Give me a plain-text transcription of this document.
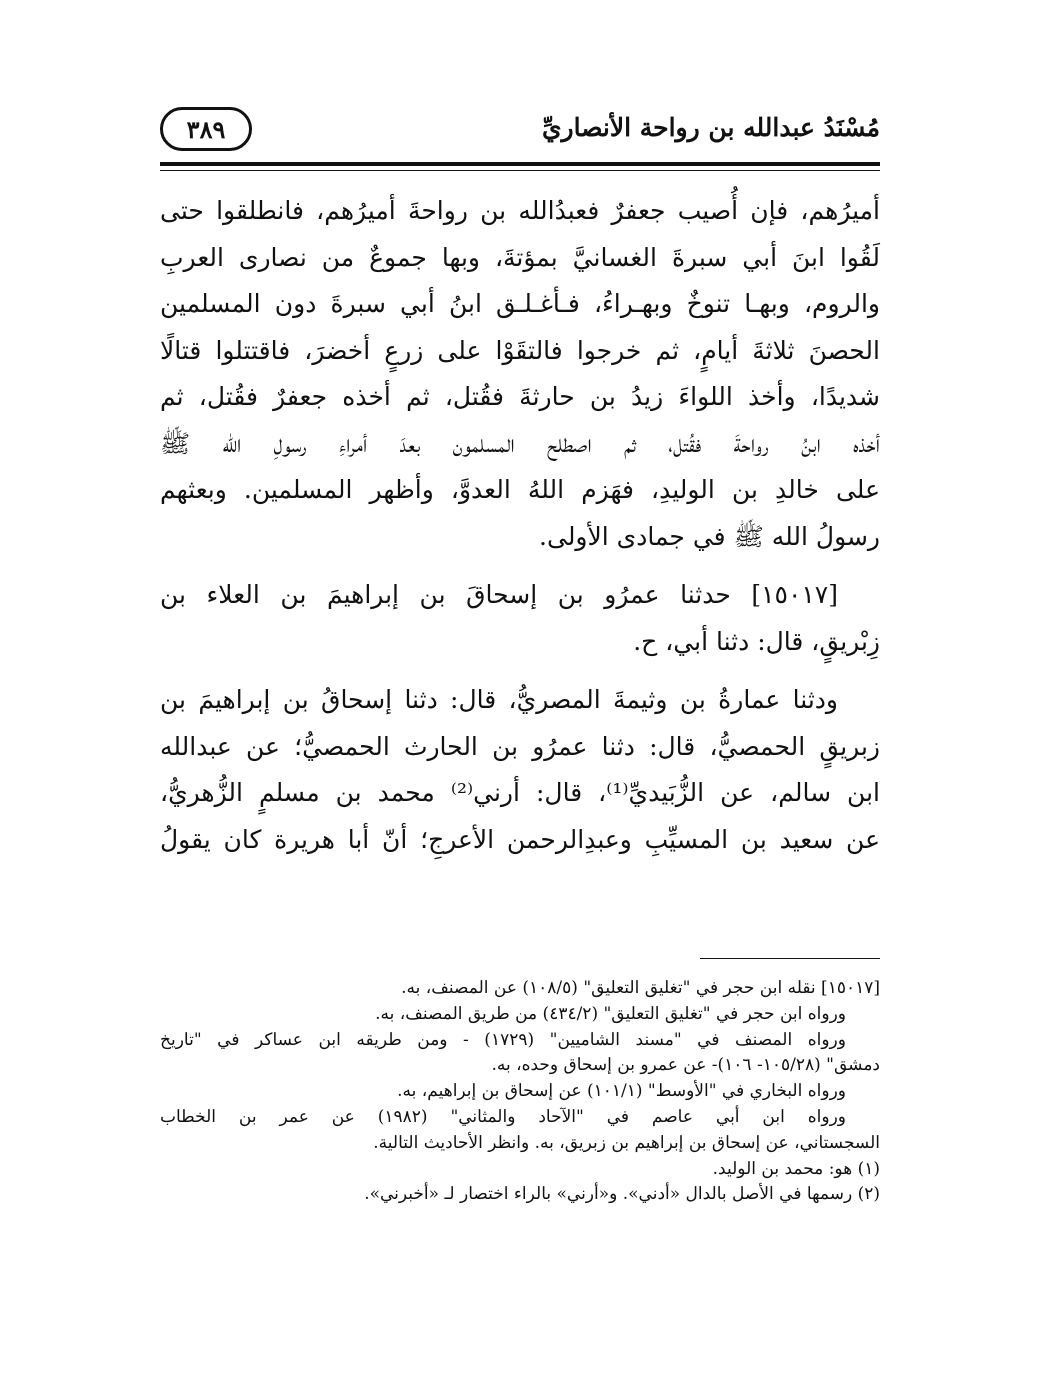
مُسْنَدُ عبدالله بن رواحة الأنصاريِّ
٣٨٩
أميرُهم، فإن أُصيب جعفرٌ فعبدُالله بن رواحةَ أميرُهم، فانطلقوا حتى
لَقُوا ابنَ أبي سبرةَ الغسانيَّ بمؤتةَ، وبها جموعٌ من نصارى العربِ
والروم، وبهـا تنوخٌ وبهـراءُ، فـأغـلـق ابنُ أبي سبرةَ دون المسلمين
الحصنَ ثلاثةَ أيامٍ، ثم خرجوا فالتقَوْا على زرعٍ أخضرَ، فاقتتلوا قتالًا
شديدًا، وأخذ اللواءَ زيدُ بن حارثةَ فقُتل، ثم أخذه جعفرٌ فقُتل، ثم
أخذه ابنُ رواحةَ فقُتل، ثم اصطلح المسلمون بعدَ أمراءِ رسولِ الله ﷺ
على خالدِ بن الوليدِ، فهَزم اللهُ العدوَّ، وأظهر المسلمين. وبعثهم
رسولُ الله ﷺ في جمادى الأولى.
[١٥٠١٧] حدثنا عمرُو بن إسحاقَ بن إبراهيمَ بن العلاء بن
زِبْريقٍ، قال: دثنا أبي، ح.
ودثنا عمارةُ بن وثيمةَ المصريُّ، قال: دثنا إسحاقُ بن إبراهيمَ بن
زبريقٍ الحمصيُّ، قال: دثنا عمرُو بن الحارث الحمصيُّ؛ عن عبدالله
ابن سالم، عن الزُّبَيديِّ⁽¹⁾، قال: أرني⁽²⁾ محمد بن مسلمٍ الزُّهريُّ،
عن سعيد بن المسيِّبِ وعبدِالرحمن الأعرجِ؛ أنّ أبا هريرة كان يقولُ
[١٥٠١٧] نقله ابن حجر في "تغليق التعليق" (١٠٨/٥) عن المصنف، به.
ورواه ابن حجر في "تغليق التعليق" (٤٣٤/٢) من طريق المصنف، به.
ورواه المصنف في "مسند الشاميين" (١٧٢٩) - ومن طريقه ابن عساكر في "تاريخ
دمشق" (١٠٥/٢٨- ١٠٦)- عن عمرو بن إسحاق وحده، به.
ورواه البخاري في "الأوسط" (١٠١/١) عن إسحاق بن إبراهيم، به.
ورواه ابن أبي عاصم في "الآحاد والمثاني" (١٩٨٢) عن عمر بن الخطاب
السجستاني، عن إسحاق بن إبراهيم بن زبريق، به. وانظر الأحاديث التالية.
(١) هو: محمد بن الوليد.
(٢) رسمها في الأصل بالدال «أدني». و«أرني» بالراء اختصار لـ «أخبرني».
